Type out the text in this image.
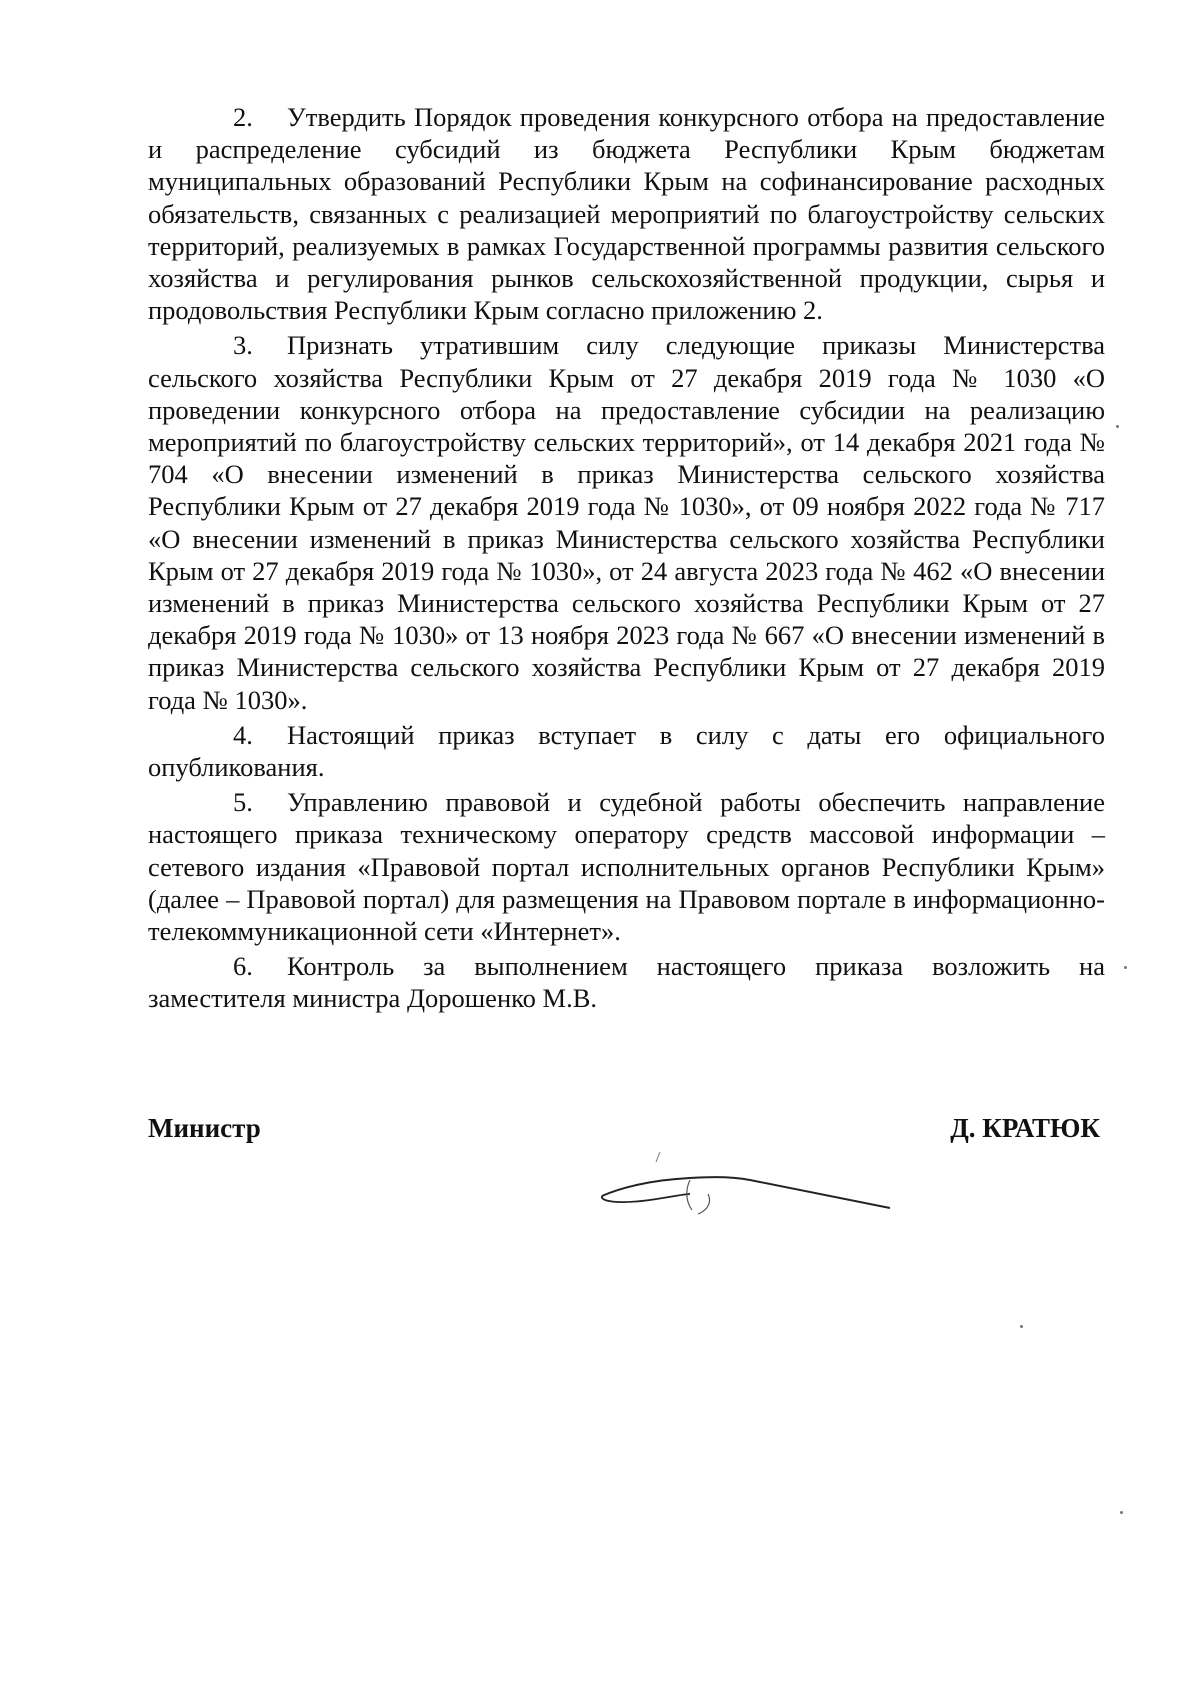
2. Утвердить Порядок проведения конкурсного отбора на предоставление и распределение субсидий из бюджета Республики Крым бюджетам муниципальных образований Республики Крым на софинансирование расходных обязательств, связанных с реализацией мероприятий по благоустройству сельских территорий, реализуемых в рамках Государственной программы развития сельского хозяйства и регулирования рынков сельскохозяйственной продукции, сырья и продовольствия Республики Крым согласно приложению 2.

3. Признать утратившим силу следующие приказы Министерства сельского хозяйства Республики Крым от 27 декабря 2019 года № 1030 «О проведении конкурсного отбора на предоставление субсидии на реализацию мероприятий по благоустройству сельских территорий», от 14 декабря 2021 года № 704 «О внесении изменений в приказ Министерства сельского хозяйства Республики Крым от 27 декабря 2019 года № 1030», от 09 ноября 2022 года № 717 «О внесении изменений в приказ Министерства сельского хозяйства Республики Крым от 27 декабря 2019 года № 1030», от 24 августа 2023 года № 462 «О внесении изменений в приказ Министерства сельского хозяйства Республики Крым от 27 декабря 2019 года № 1030» от 13 ноября 2023 года № 667 «О внесении изменений в приказ Министерства сельского хозяйства Республики Крым от 27 декабря 2019 года № 1030».

4. Настоящий приказ вступает в силу с даты его официального опубликования.

5. Управлению правовой и судебной работы обеспечить направление настоящего приказа техническому оператору средств массовой информации – сетевого издания «Правовой портал исполнительных органов Республики Крым» (далее – Правовой портал) для размещения на Правовом портале в информационно-телекоммуникационной сети «Интернет».

6. Контроль за выполнением настоящего приказа возложить на заместителя министра Дорошенко М.В.

Министр	Д. КРАТЮК
